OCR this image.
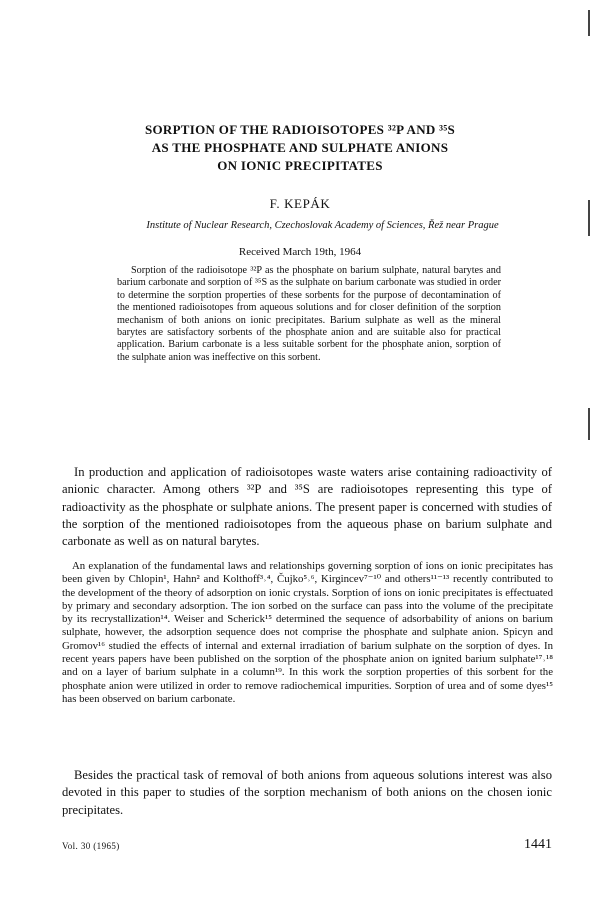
SORPTION OF THE RADIOISOTOPES ³²P AND ³⁵S
AS THE PHOSPHATE AND SULPHATE ANIONS
ON IONIC PRECIPITATES
F. KEPÁK
Institute of Nuclear Research, Czechoslovak Academy of Sciences, Řež near Prague
Received March 19th, 1964

Sorption of the radioisotope ³²P as the phosphate on barium sulphate, natural barytes and barium carbonate and sorption of ³⁵S as the sulphate on barium carbonate was studied in order to determine the sorption properties of these sorbents for the purpose of decontamination of the mentioned radioisotopes from aqueous solutions and for closer definition of the sorption mechanism of both anions on ionic precipitates. Barium sulphate as well as the mineral barytes are satisfactory sorbents of the phosphate anion and are suitable also for practical application. Barium carbonate is a less suitable sorbent for the phosphate anion, sorption of the sulphate anion was ineffective on this sorbent.

In production and application of radioisotopes waste waters arise containing radioactivity of anionic character. Among others ³²P and ³⁵S are radioisotopes representing this type of radioactivity as the phosphate or sulphate anions. The present paper is concerned with studies of the sorption of the mentioned radioisotopes from the aqueous phase on barium sulphate and carbonate as well as on natural barytes.

An explanation of the fundamental laws and relationships governing sorption of ions on ionic precipitates has been given by Chlopin¹, Hahn² and Kolthoff³˒⁴, Čujko⁵˒⁶, Kirgincev⁷⁻¹⁰ and others¹¹⁻¹³ recently contributed to the development of the theory of adsorption on ionic crystals. Sorption of ions on ionic precipitates is effectuated by primary and secondary adsorption. The ion sorbed on the surface can pass into the volume of the precipitate by its recrystallization¹⁴. Weiser and Scherick¹⁵ determined the sequence of adsorbability of anions on barium sulphate, however, the adsorption sequence does not comprise the phosphate and sulphate anion. Spicyn and Gromov¹⁶ studied the effects of internal and external irradiation of barium sulphate on the sorption of dyes. In recent years papers have been published on the sorption of the phosphate anion on ignited barium sulphate¹⁷˒¹⁸ and on a layer of barium sulphate in a column¹⁹. In this work the sorption properties of this sorbent for the phosphate anion were utilized in order to remove radiochemical impurities. Sorption of urea and of some dyes¹⁵ has been observed on barium carbonate.

Besides the practical task of removal of both anions from aqueous solutions interest was also devoted in this paper to studies of the sorption mechanism of both anions on the chosen ionic precipitates.

Vol. 30 (1965)	1441
